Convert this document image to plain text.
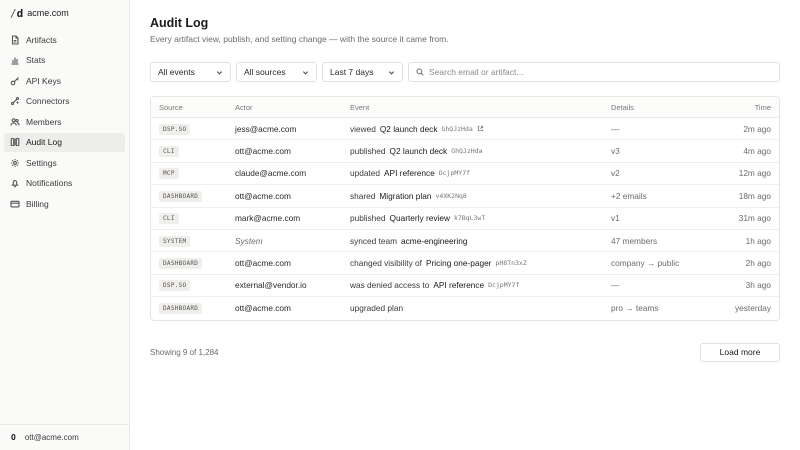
/d acme.com
Artifacts
Stats
API Keys
Connectors
Members
Audit Log
Settings
Notifications
Billing
O ott@acme.com
Audit Log

Every artifact view, publish, and setting change — with the source it came from.

All events	All sources	Last 7 days
Search email or artifact...
Source	Actor	Event	Details	Time
DSP.SO	jess@acme.com	viewed Q2 launch deck GhQJzHda	—	2m ago
CLI	ott@acme.com	published Q2 launch deck GhQJzHda	v3	4m ago
MCP	claude@acme.com	updated API reference DcjpMY7f	v2	12m ago
DASHBOARD	ott@acme.com	shared Migration plan v4XK2Nq8	+2 emails	18m ago
CLI	mark@acme.com	published Quarterly review k7BqL3wT	v1	31m ago
SYSTEM	System	synced team acme-engineering	47 members	1h ago
DASHBOARD	ott@acme.com	changed visibility of Pricing one-pager pH8Tn3xZ	company → public	2h ago
DSP.SO	external@vendor.io	was denied access to API reference DcjpMY7f	—	3h ago
DASHBOARD	ott@acme.com	upgraded plan	pro → teams	yesterday
Showing 9 of 1,284	Load more
